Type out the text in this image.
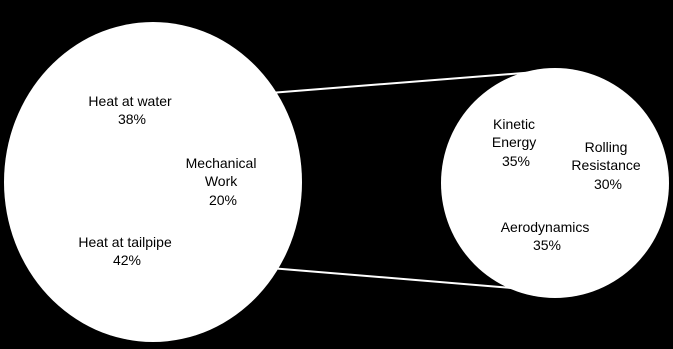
Heat at water 38%
Mechanical Work 20%
Heat at tailpipe 42%
Kinetic Energy 35%
Rolling Resistance 30%
Aerodynamics 35%
